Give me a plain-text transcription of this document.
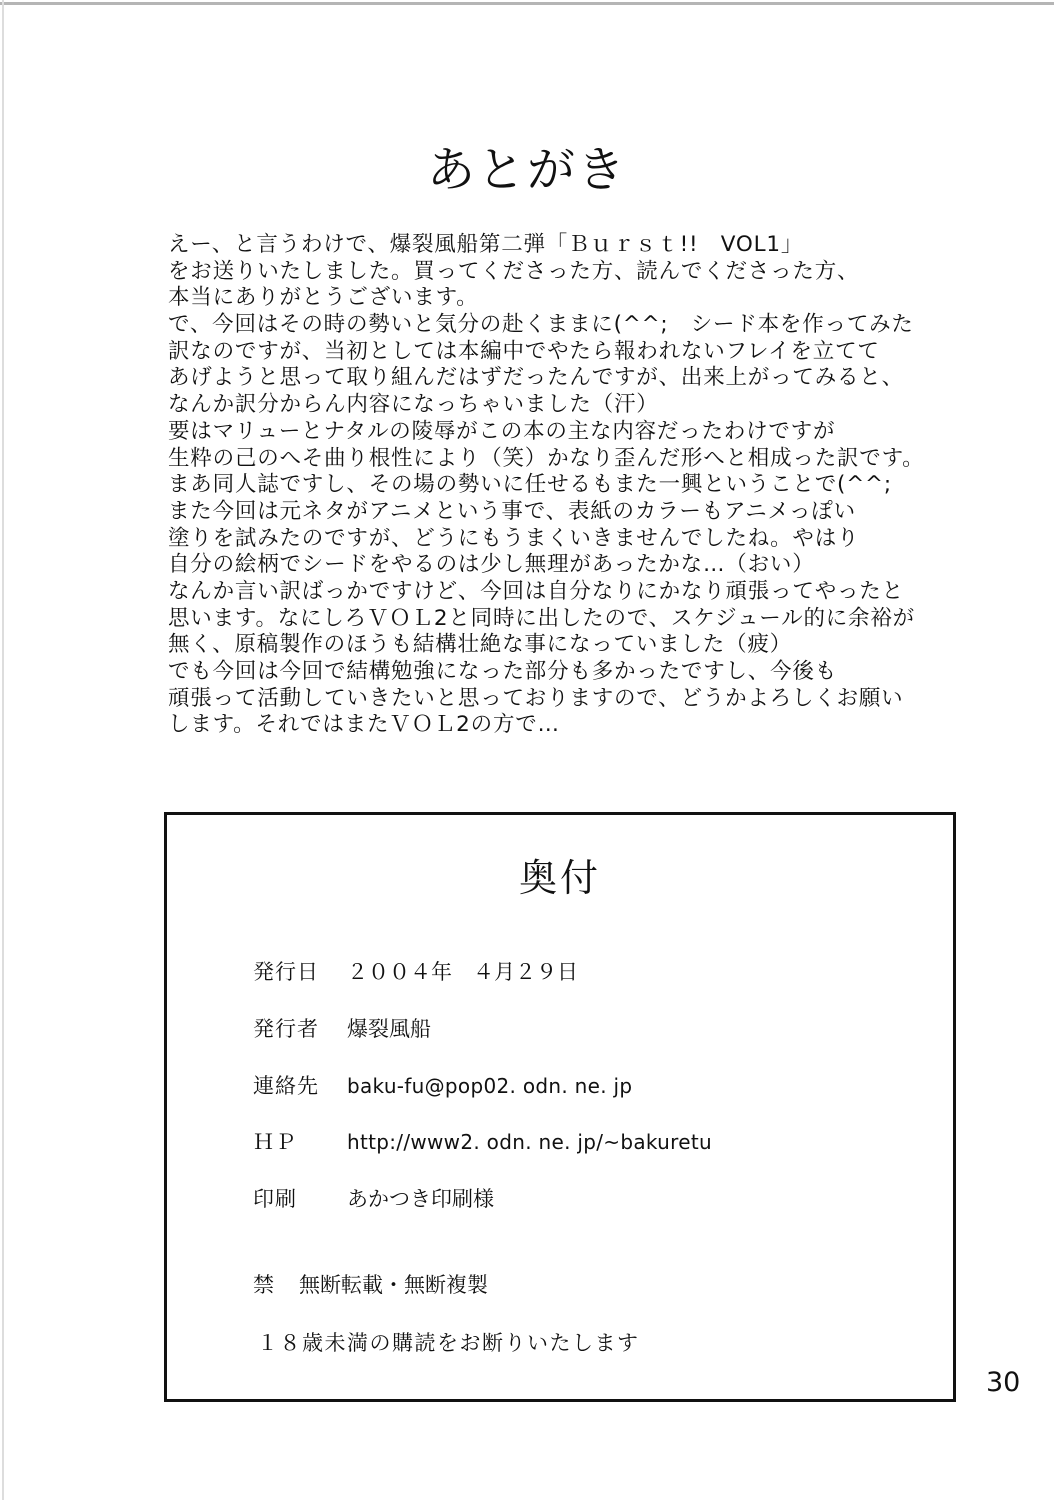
あとがき
えー、と言うわけで、爆裂風船第二弾「Ｂｕｒｓｔ!!　VOL1」
をお送りいたしました。買ってくださった方、読んでくださった方、
本当にありがとうございます。
で、今回はその時の勢いと気分の赴くままに(^^;　シード本を作ってみた
訳なのですが、当初としては本編中でやたら報われないフレイを立てて
あげようと思って取り組んだはずだったんですが、出来上がってみると、
なんか訳分からん内容になっちゃいました（汗）
要はマリューとナタルの陵辱がこの本の主な内容だったわけですが
生粋の己のへそ曲り根性により（笑）かなり歪んだ形へと相成った訳です。
まあ同人誌ですし、その場の勢いに任せるもまた一興ということで(^^;
また今回は元ネタがアニメという事で、表紙のカラーもアニメっぽい
塗りを試みたのですが、どうにもうまくいきませんでしたね。やはり
自分の絵柄でシードをやるのは少し無理があったかな…（おい）
なんか言い訳ばっかですけど、今回は自分なりにかなり頑張ってやったと
思います。なにしろＶＯＬ2と同時に出したので、スケジュール的に余裕が
無く、原稿製作のほうも結構壮絶な事になっていました（疲）
でも今回は今回で結構勉強になった部分も多かったですし、今後も
頑張って活動していきたいと思っておりますので、どうかよろしくお願い
します。それではまたＶＯＬ2の方で…
奥付
発行日 ２００４年　４月２９日
発行者 爆裂風船
連絡先 baku-fu@pop02. odn. ne. jp
ＨＰ	http://www2. odn. ne. jp/~bakuretu
印刷 あかつき印刷様
禁 無断転載・無断複製
１８歳未満の購読をお断りいたします
30
